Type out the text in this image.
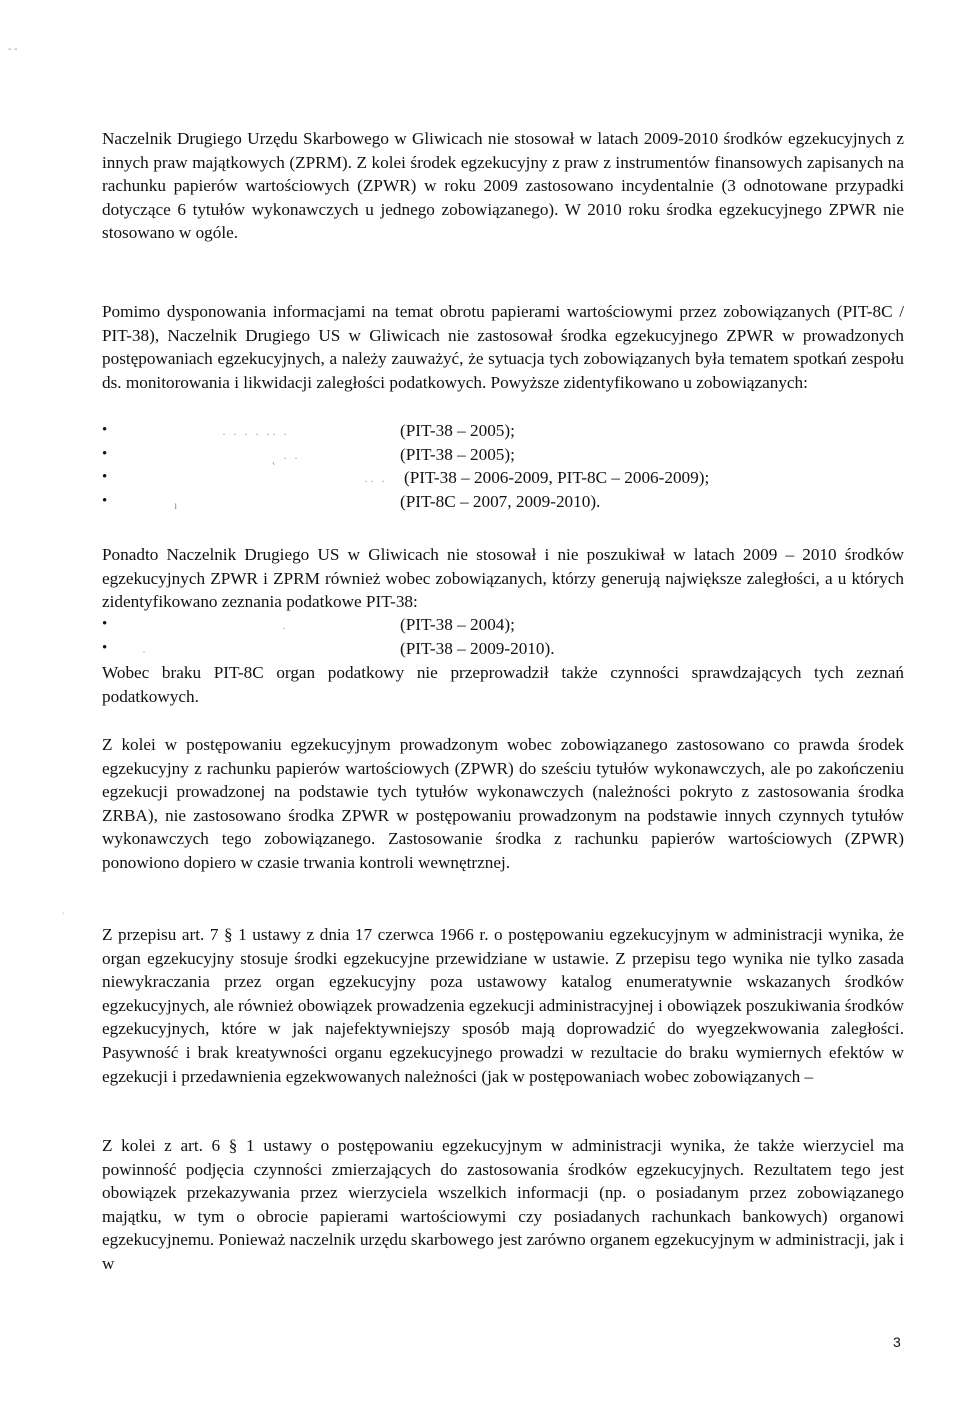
- -
˙

Naczelnik Drugiego Urzędu Skarbowego w Gliwicach nie stosował w latach 2009-2010 środków egzekucyjnych z innych praw majątkowych (ZPRM). Z kolei środek egzekucyjny z praw z instrumentów finansowych zapisanych na rachunku papierów wartościowych (ZPWR) w roku 2009 zastosowano incydentalnie (3 odnotowane przypadki dotyczące 6 tytułów wykonawczych u jednego zobowiązanego). W 2010 roku środka egzekucyjnego ZPWR nie stosowano w ogóle.

Pomimo dysponowania informacjami na temat obrotu papierami wartościowymi przez zobowiązanych (PIT-8C / PIT-38), Naczelnik Drugiego US w Gliwicach nie zastosował środka egzekucyjnego ZPWR w prowadzonych postępowaniach egzekucyjnych, a należy zauważyć, że sytuacja tych zobowiązanych była tematem spotkań zespołu ds. monitorowania i likwidacji zaległości podatkowych. Powyższe zidentyfikowano u zobowiązanych:

•	· · · · ·· ·	(PIT-38 – 2005);
•	˛ · ·	(PIT-38 – 2005);
•	·· · (PIT-38 – 2006-2009, PIT-8C – 2006-2009);
•	ı	(PIT-8C – 2007, 2009-2010).

Ponadto Naczelnik Drugiego US w Gliwicach nie stosował i nie poszukiwał w latach 2009 – 2010 środków egzekucyjnych ZPWR i ZPRM również wobec zobowiązanych, którzy generują największe zaległości, a u których zidentyfikowano zeznania podatkowe PIT-38:

•	·	(PIT-38 – 2004);
•	·	(PIT-38 – 2009-2010).

Wobec braku PIT-8C organ podatkowy nie przeprowadził także czynności sprawdzających tych zeznań podatkowych.

Z kolei w postępowaniu egzekucyjnym prowadzonym wobec zobowiązanego zastosowano co prawda środek egzekucyjny z rachunku papierów wartościowych (ZPWR) do sześciu tytułów wykonawczych, ale po zakończeniu egzekucji prowadzonej na podstawie tych tytułów wykonawczych (należności pokryto z zastosowania środka ZRBA), nie zastosowano środka ZPWR w postępowaniu prowadzonym na podstawie innych czynnych tytułów wykonawczych tego zobowiązanego. Zastosowanie środka z rachunku papierów wartościowych (ZPWR) ponowiono dopiero w czasie trwania kontroli wewnętrznej.

Z przepisu art. 7 § 1 ustawy z dnia 17 czerwca 1966 r. o postępowaniu egzekucyjnym w administracji wynika, że organ egzekucyjny stosuje środki egzekucyjne przewidziane w ustawie. Z przepisu tego wynika nie tylko zasada niewykraczania przez organ egzekucyjny poza ustawowy katalog enumeratywnie wskazanych środków egzekucyjnych, ale również obowiązek prowadzenia egzekucji administracyjnej i obowiązek poszukiwania środków egzekucyjnych, które w jak najefektywniejszy sposób mają doprowadzić do wyegzekwowania zaległości. Pasywność i brak kreatywności organu egzekucyjnego prowadzi w rezultacie do braku wymiernych efektów w egzekucji i przedawnienia egzekwowanych należności (jak w postępowaniach wobec zobowiązanych –

Z kolei z art. 6 § 1 ustawy o postępowaniu egzekucyjnym w administracji wynika, że także wierzyciel ma powinność podjęcia czynności zmierzających do zastosowania środków egzekucyjnych. Rezultatem tego jest obowiązek przekazywania przez wierzyciela wszelkich informacji (np. o posiadanym przez zobowiązanego majątku, w tym o obrocie papierami wartościowymi czy posiadanych rachunkach bankowych) organowi egzekucyjnemu. Ponieważ naczelnik urzędu skarbowego jest zarówno organem egzekucyjnym w administracji, jak i w

3
